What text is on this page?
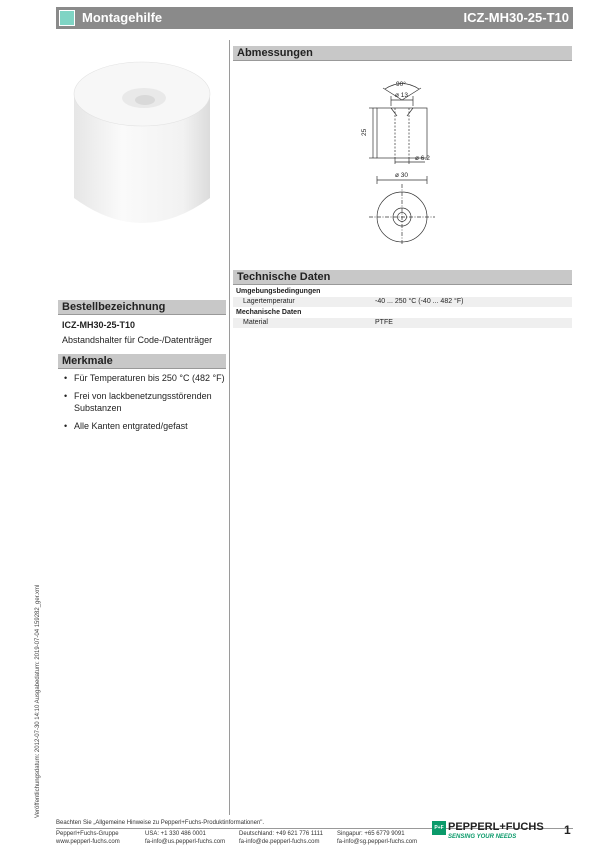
Montagehilfe	ICZ-MH30-25-T10
Abmessungen
90°
ø 13
25
ø 6.2
ø 30
Technische Daten
Umgebungsbedingungen
Lagertemperatur	-40 ... 250 °C (-40 ... 482 °F)
Mechanische Daten
Material	PTFE
Bestellbezeichnung
ICZ-MH30-25-T10
Abstandshalter für Code-/Datenträger
Merkmale
• Für Temperaturen bis 250 °C (482 °F)
• Frei von lackbenetzungsstörenden Substanzen
• Alle Kanten entgrated/gefast
Veröffentlichungsdatum: 2012-07-30 14:10 Ausgabedatum: 2019-07-04 159282_ger.xml
Beachten Sie „Allgemeine Hinweise zu Pepperl+Fuchs-Produktinformationen".
Pepperl+Fuchs-Gruppe
www.pepperl-fuchs.com
USA: +1 330 486 0001
fa-info@us.pepperl-fuchs.com
Deutschland: +49 621 776 1111
fa-info@de.pepperl-fuchs.com
Singapur: +65 6779 9091
fa-info@sg.pepperl-fuchs.com
P+F PEPPERL+FUCHS
SENSING YOUR NEEDS	1
